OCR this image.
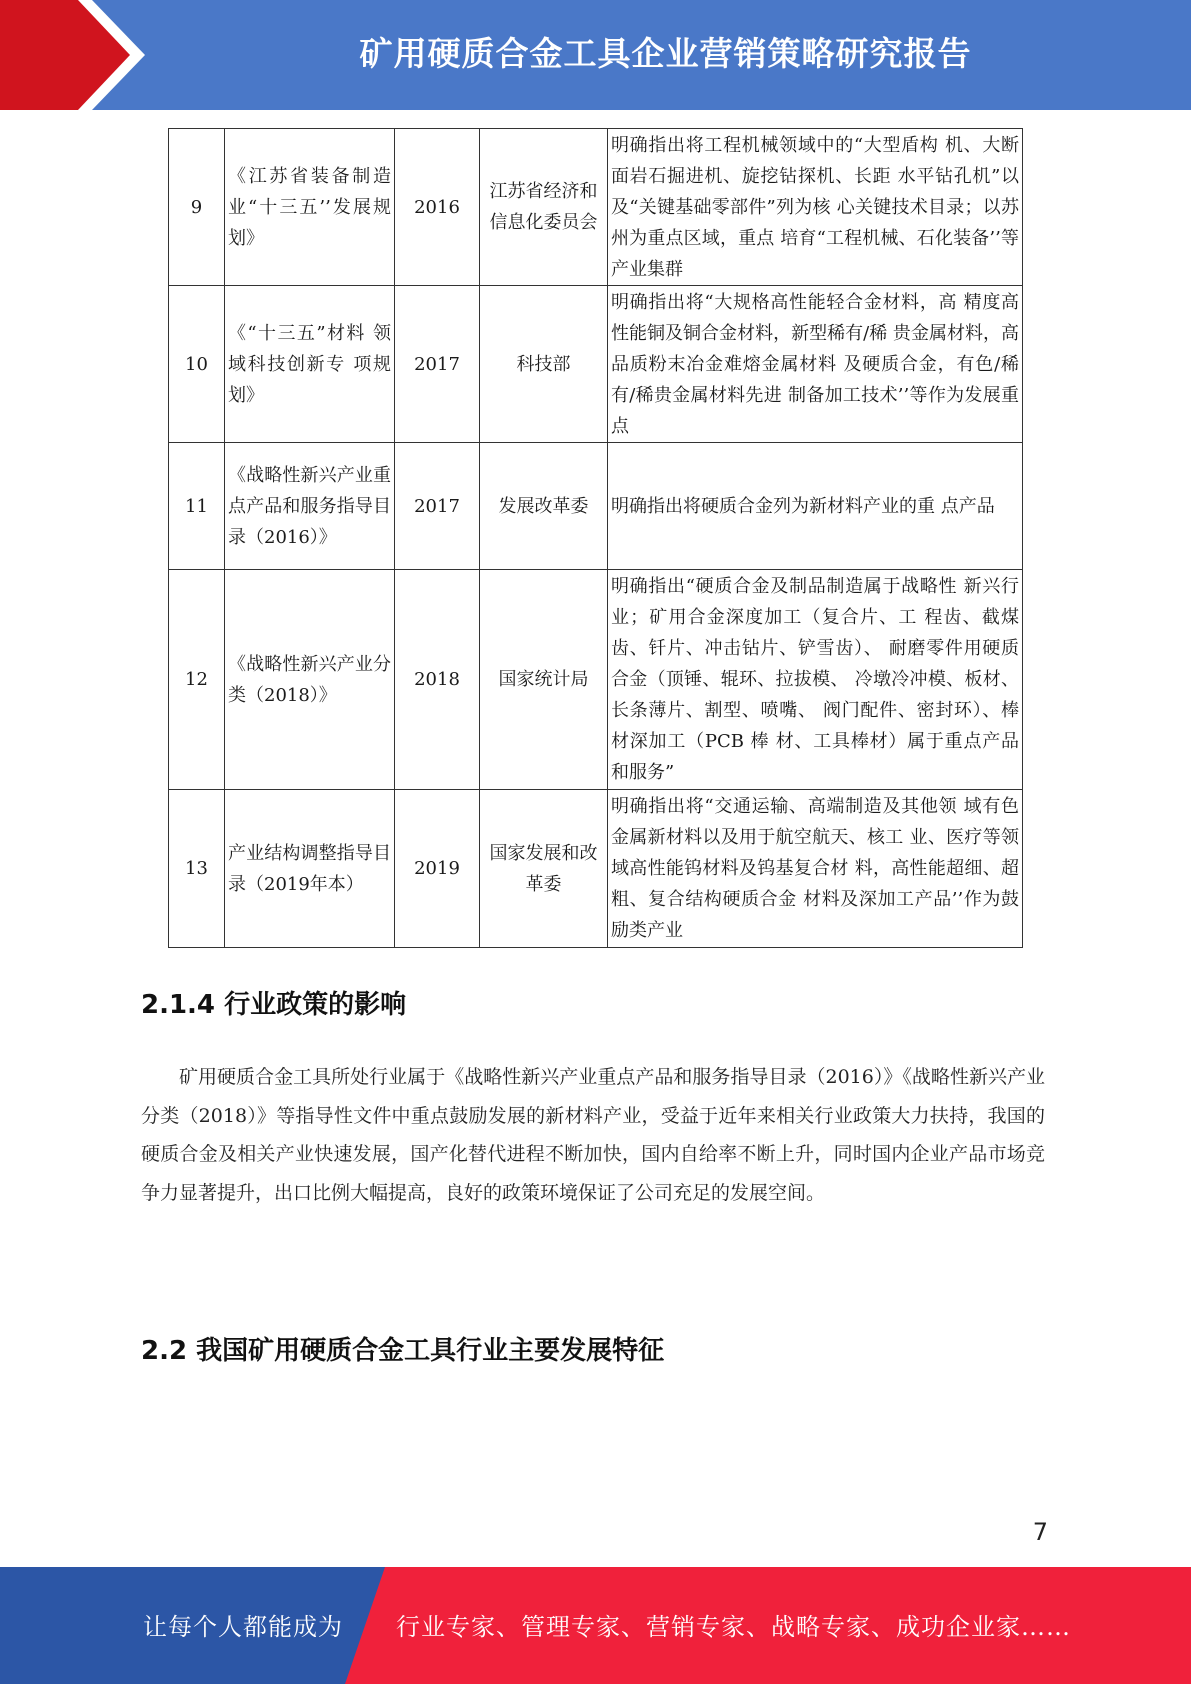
矿用硬质合金工具企业营销策略研究报告
9	《江苏省装备制造业“十三五’’发展规划》	2016	江苏省经济和信息化委员会	明确指出将工程机械领域中的“大型盾构 机、大断面岩石掘进机、旋挖钻探机、长距 水平钻孔机”以及“关键基础零部件”列为核 心关键技术目录；以苏州为重点区域，重点 培育“工程机械、石化装备’’等产业集群
10	《“十三五”材料 领域科技创新专 项规划》	2017	科技部	明确指出将“大规格高性能轻合金材料，高 精度高性能铜及铜合金材料，新型稀有/稀 贵金属材料，高品质粉末冶金难熔金属材料 及硬质合金，有色/稀有/稀贵金属材料先进 制备加工技术’’等作为发展重点
11	《战略性新兴产业重点产品和服务指导目录（2016）》	2017	发展改革委	明确指出将硬质合金列为新材料产业的重 点产品
12	《战略性新兴产业分类（2018）》	2018	国家统计局	明确指出“硬质合金及制品制造属于战略性 新兴行业；矿用合金深度加工（复合片、工 程齿、截煤齿、钎片、冲击钻片、铲雪齿）、 耐磨零件用硬质合金（顶锤、辊环、拉拔模、 冷墩冷冲模、板材、长条薄片、割型、喷嘴、 阀门配件、密封环）、棒材深加工（PCB 棒 材、工具棒材）属于重点产品和服务”
13	产业结构调整指导目录（2019年本）	2019	国家发展和改革委	明确指出将“交通运输、高端制造及其他领 域有色金属新材料以及用于航空航天、核工 业、医疗等领域高性能钨材料及钨基复合材 料，高性能超细、超粗、复合结构硬质合金 材料及深加工产品’’作为鼓励类产业
2.1.4 行业政策的影响

矿用硬质合金工具所处行业属于《战略性新兴产业重点产品和服务指导目录（2016）》《战略性新兴产业分类（2018）》等指导性文件中重点鼓励发展的新材料产业，受益于近年来相关行业政策大力扶持，我国的硬质合金及相关产业快速发展，国产化替代进程不断加快，国内自给率不断上升，同时国内企业产品市场竞争力显著提升，出口比例大幅提高，良好的政策环境保证了公司充足的发展空间。

2.2 我国矿用硬质合金工具行业主要发展特征
7
让每个人都能成为 行业专家、管理专家、营销专家、战略专家、成功企业家……
